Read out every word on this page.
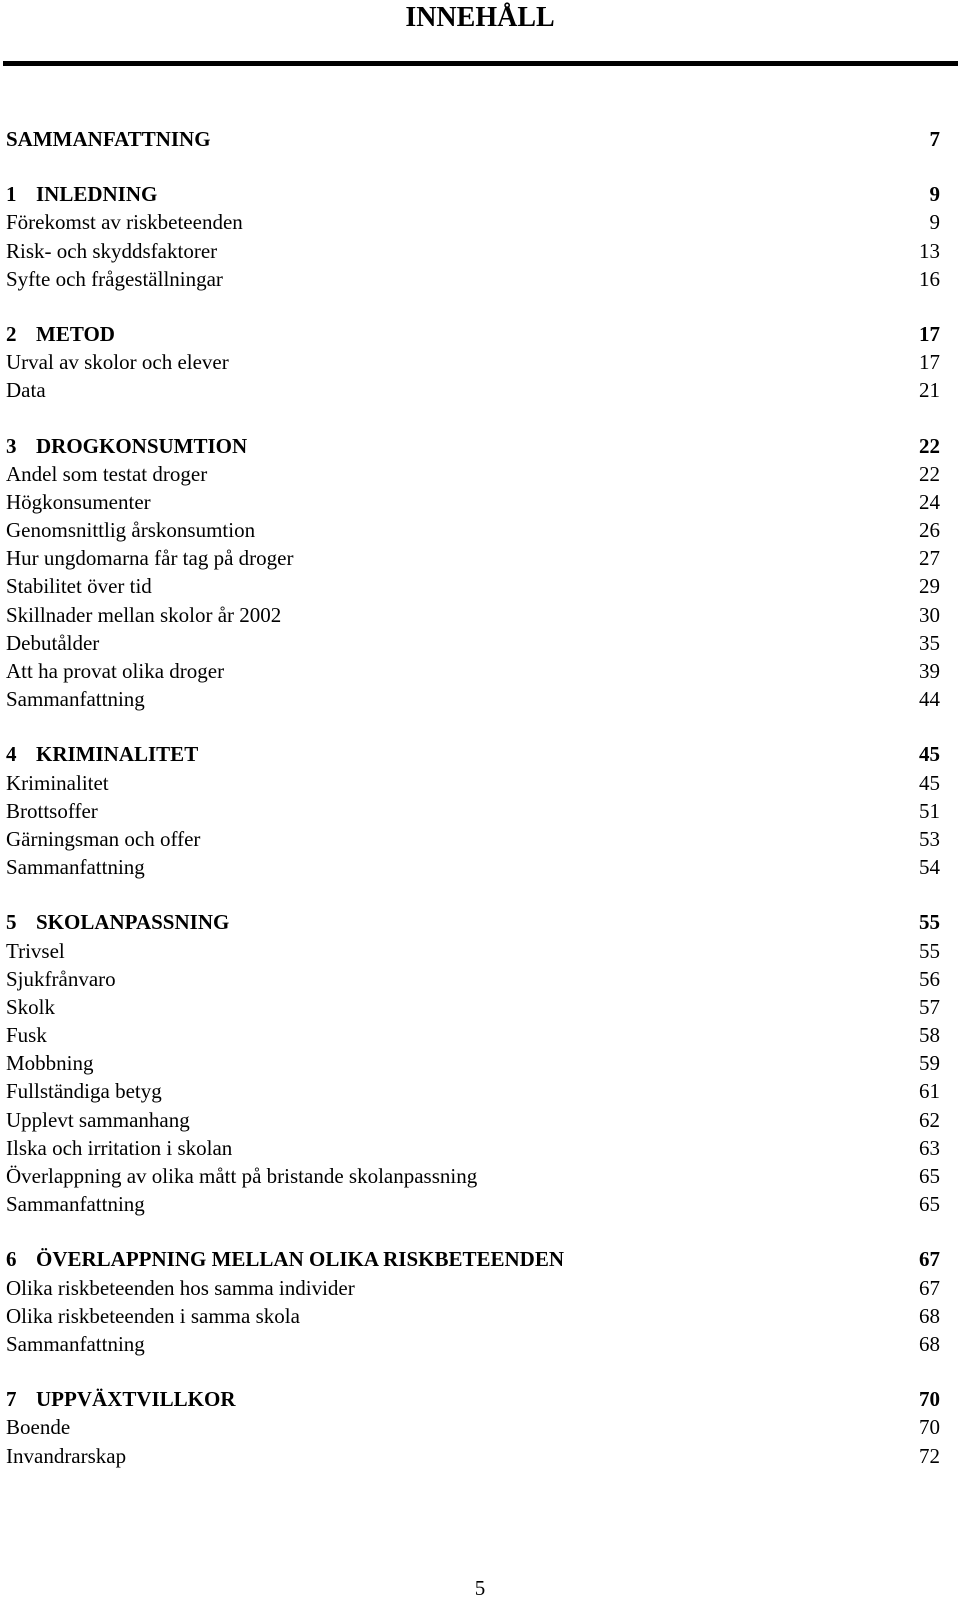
INNEHÅLL
SAMMANFATTNING	7
1 INLEDNING	9
Förekomst av riskbeteenden	9
Risk- och skyddsfaktorer	13
Syfte och frågeställningar	16
2 METOD	17
Urval av skolor och elever	17
Data	21
3 DROGKONSUMTION	22
Andel som testat droger	22
Högkonsumenter	24
Genomsnittlig årskonsumtion	26
Hur ungdomarna får tag på droger	27
Stabilitet över tid	29
Skillnader mellan skolor år 2002	30
Debutålder	35
Att ha provat olika droger	39
Sammanfattning	44
4 KRIMINALITET	45
Kriminalitet	45
Brottsoffer	51
Gärningsman och offer	53
Sammanfattning	54
5 SKOLANPASSNING	55
Trivsel	55
Sjukfrånvaro	56
Skolk	57
Fusk	58
Mobbning	59
Fullständiga betyg	61
Upplevt sammanhang	62
Ilska och irritation i skolan	63
Överlappning av olika mått på bristande skolanpassning	65
Sammanfattning	65
6 ÖVERLAPPNING MELLAN OLIKA RISKBETEENDEN	67
Olika riskbeteenden hos samma individer	67
Olika riskbeteenden i samma skola	68
Sammanfattning	68
7 UPPVÄXTVILLKOR	70
Boende	70
Invandrarskap	72
5
